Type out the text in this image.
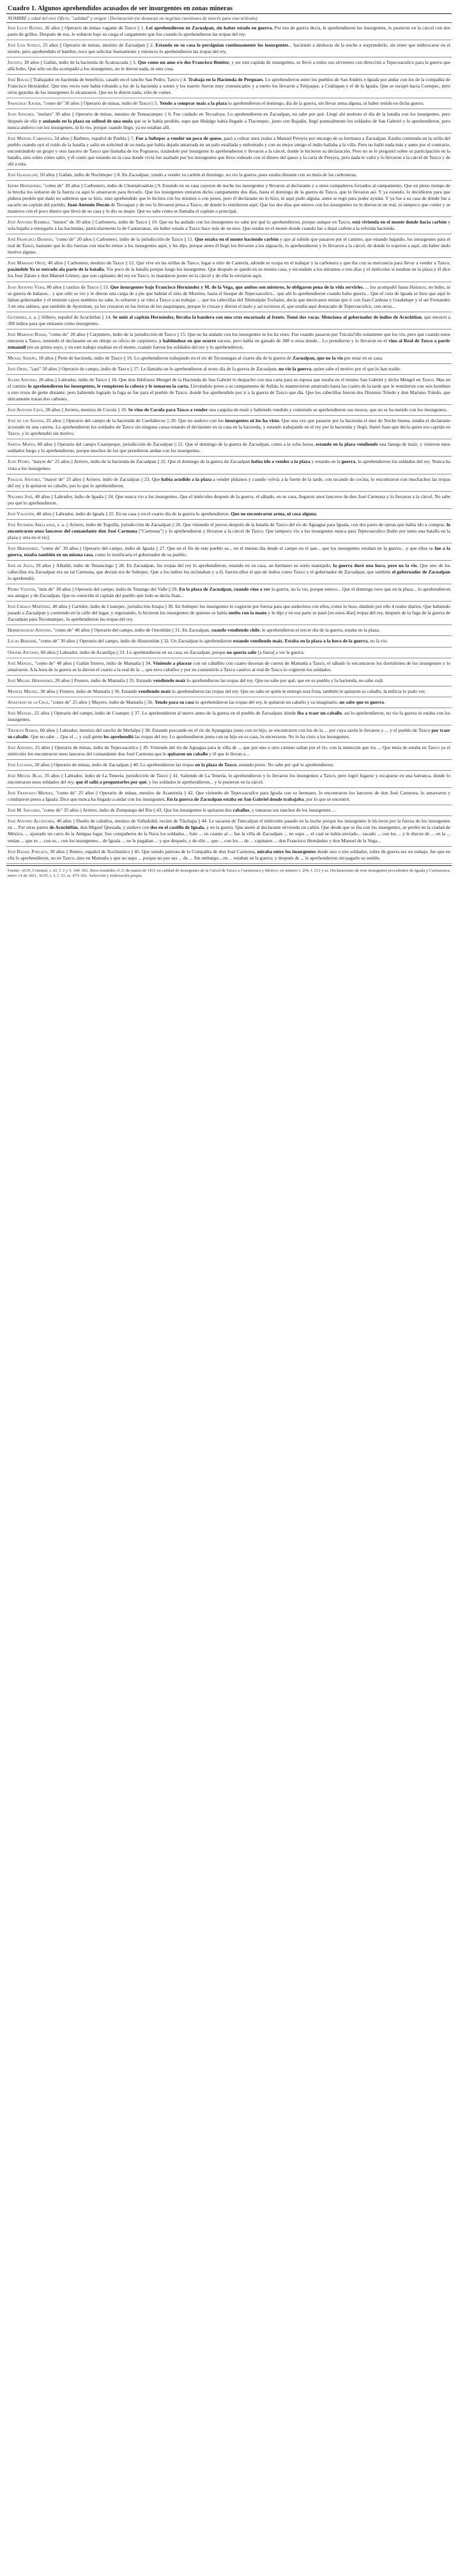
Cuadro 1. Algunos aprehendidos acusados de ser insurgentes en zonas mineras
NOMBRE y edad del reo| Oficio, "calidad" y origen | Declaración (se destacan en negritas cuestiones de interés para este artículo)
José Lucio Rufino, 26 años || Operario de minas vagante de Taxco || 1. Leí aprehendieron en Zacualpan, sin haber estado en guerra. Por eso de guerra decía, le aprehendieron los insurgentes, lo pusieron en la cárcel con dos pares de grillos. Después de eso, le soltaron bajo su carga el cargamento que fue cuando lo aprehendieron las tropas del rey.
José Luis Sotelo, 25 años || Operario de minas, mestizo de Zacualpan || 2. Estando en su casa lo persiguian continuamente los insurgentes... haciendo a deshoras de la noche a sorprenderlo, sin tener que embrocarse en el monte, pero aprehendido el hambre, tuvo que solicitar buenamente y entonces lo aprehendieron las tropas del rey.
Jacinto, 30 años || Gañán, indio de la hacienda de Acatzacoala || 3. Que como un amo e/o dos Francisco Benítez, y ser este capitán de insurgentes, se llevó a todos sus sirvientes con dirección a Tepecoacuilco para la guerra que allá hubo. Que sólo un día acompañó a los insurgentes, no le dieron nada, ni otra cosa.
José Bausa || Trabajador en hacienda de beneficio, casado en el rancho San Pedro, Taxco || 4. Trabaja en la Hacienda de Perguaes. Lo aprehendieron entre los pueblos de San Andrés e Iguala por andar con los de la compañía de Francisco Hernández. Que tres veces este había robando a los de la hacienda a sotner y los tuarrio fueron muy comunicados y a tuerto los llevaron a Tetipaque, a Coátlapan y el de la Iguala. Que se escapó hacia Coetepec, pero otros guardas de los insurgentes lo alcanzaron. Que no le dieron nada, sólo de comer.
Francisco Xavier, "como de" 30 años || Operario de minas, indio de Taxco || 5. Yendo a comprar maíz a la plaza lo aprehendieron el domingo, día de la guerra, sin llevar arma alguna, ni haber tenido en dicha guerra.
Juan Sánchez, "mulato" 30 años || Operario de minas, mestizo de Tenuacatepec || 6. Fue cuidado en Tecualoya. Lo aprehendieron en Zacualpan, no sabe por qué. Llegó ahí molesto el día de la batalla con los insurgentes, pero después de ello y andando en la plaza en solitud de una mula que se le había perdido, supo que Hidalgo había llegado a Tlacotepec, junto con Bajadin, llegó puntualmente los soldados de San Gabriel y lo aprehendieron, pero nunca anduvo con los insurgentes, ni lo vio, porque cuando llegó, ya no estaban allí.
José Manuel Carranza, 34 años || Barbero, español de Puebla || 7. Fue a Sultepec a vender un poco de queso, pasó a cobrar unos reales a Manuel Pereyra por encargo de su hermano a Zacualpan. Estaba comiendo en la orilla del pueblo cuando oyó el ruido de la batalla y salió en solicitud de su mula que había dejado amarrada en un palo estallada y enfrentado y con su mejor amigo el indio hallaba a la villa. Pero no halló nada más y antes por el contrario, encontrándolo un grupo y otro lancero de Taxco que llamaba de los Poguasos, tratándolo por insurgente lo aprehendieron y llevaron a la cárcel, donde le hicieron su declaración. Pero no se le preguntó sobre su participación en la batalla, sino sobre cómo salió, y él contó que estando en la casa donde vivía fue asaltado por los insurgentes que llevo rodeado con el dinero del queso y la carta de Pereyra, pero nada le valió y lo llevaron a la cárcel de Taxco y de ahí a esta.
José Guadalupe, 50 años || Gañán, indio de Nochitepec || 8. En Zacualpan, yendo a vender su carbón el domingo, no vio la guerra, pues estaba distante con su mula de las carboneras.
Isidro Hernández, "como de" 30 años || Carbonero, indio de Chontalcoatlan || 9. Estando en su casa cayeron de noche los insurgentes y llevaron al declarante y a otros compañeros forzados al campamento. Que en pleno tiempo de la brecha los soltaron de la fuerza ca aquí lo amarraron para llevarlo. Que los insurgentes entraron dicho campamento dos días, hasta el domingo de la guerra de Taxco, que lo llevaron así. Y ya estando, lo decidieron para que pidiera perdón que dado no sabemos que se hizo, sino aprehendido que lo hiciera con los mismos o con pesos, pero él declarante no lo hizo, ni aquí pudo alguna, antes se regó para poder ayudar. Y ya fue a su casa de donde fue a sacarlo un capitán del partido, Juan Antonio Durán de Tecoapan y de eso lo llevaron presa a Taxco, de donde lo remitieron aquí. Que los dos días que estuvo con los insurgentes no le dieron ni un real, ni tampoco que comer y se mantuvo con el poco dinero que llevó de su casa y le dio su mujer. Que no sabe cómo se llamaba el capitán o principal.
José Antonio Ramírez, "menos" de 30 años || Carbonero, indio de Taxco || 10. Que no ha andado con los insurgentes no sabe por qué lo aprehendieron, porque aunque en Taxco, está vivienda en el monte donde hacía carbón y sola bajaba a entregarlo a las haciendas, particularmente la de Cantarranas, sin haber estado a Taxco hace más de un mes. Que estaba en el monte donde cuando fue a dejar carbón a la referida hacienda.
José Francisco Dionisio, "como de" 20 años || Carbonero, indio de la jurisdicción de Taxco || 11. Que estaba en el monte haciendo carbón y que al subido que pasaron por el camino, que estando bajando, los insurgentes para el real de Taxco, bastante que le dio fuerzas con mucho temor a los insurgentes aquí, y les dijo, porque antes él llegó los llevaron a los alguacils, lo aprehendieron y lo llevaron a la cárcel, de donde lo trajeron a aquí, sin haber dado motivo alguno.
José Mariano Ortiz, 46 años || Carbonero, mestizo de Taxco || 12. Que vive en las orillas de Taxco, lugar o sitio de Cantería, adonde se ocupa en el trabajar y la carbonera y que iba con su mercancía para llevar a vender a Taxco, pasándole Ya es entrado ala parte de la batalla. Vio poco de la batalla porque luego los insurgentes. Que después se quedó en su misma casa, y escondido a los miramos o tres días y el miércoles sí estaban en la plaza y él dice los José Zárate y don Manuel Gómez, que son capitanes del rey en Taxco, lo mandaron poner en la cárcel y de ella lo enviaron aquí.
Juan Antonio Vera, 80 años || castizo de Taxco || 13. Que insurgentes bajo Francisco Hernández y M. de la Vega, que ambos son misteros, lo obligaron pena de la vida servirles. ... los acompañó hasta Huizuco, no hubo, ni su guerra de balazos... y que sólo se vio y le dieron una carga de a pie que habían el sitio de Morelos, hasta el bosque de Tepecoacuilco... que ahí lo aprehendieron cuando hubo guerra... Que el cura de Iguala se hizo que aquí le daban gobernador y el teniente cayos nombres no sabe, lo soltaron y se vino a Taxco a su trabajar ... que los cabecillas del Xhimalpán Tochaiez, decía que mexicanos tenían que ir con Juan Cardona y Guadalupe y el ser Fernandez 3 en otra sabiera, que también de Ayotzinan, ya los cruzaron en las tierras de los paquinques, porque lo cruzan y dieron el malo y así tuvieron el, que estaba aquí destacado de Tepecoacuilco, con otros...
Gutiérrez, s. a. || Silbero, español de Acuchitlan || 14. Se unió al capitán Hernández, llevaba la bandera con una cruz encarnada al frente. Tomó dos vacas. Menciona al gobernador de indios de Acuchitlan, que encerró a 300 indios para que entrasen como insurgentes.
José Mariano Rosas, "como de" 20 años || Carpintero, indio de la jurisdicción de Taxco || 15. Que no ha andado con los insurgentes ni los ha visto. Fue cuando pasaron por Tzicala?illo solamente que los vio, pero que cuando estos entraron a Taxco, teniendo el declarante en un obraje su oficio de carpintero, y habiéndose en que ocurre suceso, pero había un ganado de 300 u otras donde... Lo prendieron y lo llevaron en el vino al Real de Taxco a partir temannil (en un primo suyo, y en este trabajo estaban en el monte, cuando fueron los soldados del rey y lo aprehendieron.
Miguel Sedeño, 18 años || Peón de hacienda, indio de Taxco || 16. Lo aprehendieron trabajando en el río de Tecusungan al cuarto día de la guerra de Zacualpan, que no la vio por estar en su casa.
José Ortiz, "casi" 50 años || Operario de campo, indio de Taxco || 17. Le llamaba un lo aprehendieron al sexto día de la guerra de Zacualpan, no vio la guerra, quien sabe el motivo por el que lo han traído.
Julián Antonio, 26 años || Labrador, indio de Taxco || 18. Que don Ildefonso Mengel de la Hacienda de San Gabriel lo despachó con una carta para su esposa que estaba en el mismo San Gabriel y dicho Mengel en Taxco. Mas en el camino lo aprehendieron los insurgentes, le rompieron la cabeza y le tomaron la carta. Llevándolo preso a su campamento de Atilán, lo mantuvieron amarrado hasta las cuatro de la tarde que le remitieron con seis hombres a otro trozo de gente distante; pero habiendo logrado la fuga se fue para el pueblo de Taxco, donde fue aprehendido por ir a la guerra de Taxco que día. Que los cabecillas fueron dos Dionisio Toledo y don Mariano Toledo, que únicamente traían dos cañones.
José Antonio Cruz, 28 años || Arriero, mestizo de Cocula || 19. Se vino de Cocula para Taxco a vender una carguita de maíz y habiendo vendido y comiendo se aprehendieron sus mozos, que no se ha metido con los insurgentes.
José de los Santos, 25 años || Operario del campo de la hacienda de Cuetlaltecoc || 20. Que no anduvo con los insurgentes ni los ha visto. Que una vez que pasaron por la hacienda el mes de Noche buena, estaba el declarante acostado en una carreta. Lo aprehendieron los soldados de Taxco sin ninguna causa estando el declarante en la casa en la hacienda, y estando trabajando en el rey por la hacienda y llegó, llamó Juan que decía quien era capitán en Taxco, y lo aprehendió sin motivo.
Santos Mateo, 60 años || Operario del campo Cuatepeque, jurisdicción de Zacualpan || 21. Que el domingo de la guerra de Zacualpan, como a la ocho horas, estando en la plaza vendiendo una fanega de maíz, y vinieron unos soldados luego y lo aprehendieron, porque muchos de los que prendieron andan con los insurgentes.
Juan Pedro, "mayor de" 25 años || Arriero, indio de la hacienda de Zacualpan || 22. Que el domingo de la guerra de Zacualpan había ido a vender a la plaza y estando en la guerra, lo aprehendieron los soldados del rey. Nunca ha vista a los insurgentes.
Pascual Sánchez, "mayor de" 25 años || Arriero, indio de Zacualpan || 23. Que había acudido a la plaza a vender plátanos y cuando volvía a la fuerte de la tarde, con tocando de cocina, lo encontraron con muchachos las tropas del rey y le quitaron su caballo, por lo que lo aprehendieron.
Nazario José, 40 años || Labrador, indio de Iguala || 24. Que nunca vio a los insurgentes. Que el miércoles después de la guerra, el sábado, en su casa, llegaron unos lanceros de don José Carmona y lo llevaron a la cárcel. No sabe por qué lo aprehendieron.
José Valentín, 40 años || Labrador, indio de Iguala || 25. En su casa y en el cuarto día de la guerra lo aprehendieron. Que no encontraron arma, ni cosa alguna.
José Severino Arellanos, s. a. || Arriero, indio de Teguilla, jurisdicción de Zacualpan || 26. Que viniendo el jueves después de la batalla de Taxco del río de Aguagua para Iguala, con dos pares de ojeras que había ido a comprar, lo encontraron unos lanceros del comandante don José Carmona ["Carmona"] y lo aprehendieron y llevaron a la cárcel de Taxco. Que tampoco vio a los insurgentes nunca para Tepecoacuilco [hubo por tanto una batalla en la plaza y otra en el río].
José Hernández, "como de" 30 años || Operario del campo, indio de Iguala || 27. Que en el fin de este pueblo se... en el mismo día desde el campo en el que... que los insurgentes estaban en la guerra... y que ellos se fue a la guerra, estaba también en un misma casa, como lo testificaría el gobernador de su pueblo.
José de Jesús, 29 años || Albañil, indio de Tenancingo || 28. En Zacualpan, Jas tropas del rey lo aprehendieron, estando en su casa, un hermano su suelo manejado, la guerra duró una hora, pero no la vio. Que uno de los cabecillas era Zacualpan era un tal Carmona, que decían era de Sultepec. Que a los indios los reclutaban y a él, fueron ellos el que de indios como Taxco y el gobernador de Zacualpan; que también el gobernador de Zacualpan lo aprehendió.
Pedro Vicente, "más de" 30 años || Operario del campo, indio de Tenango del Valle || 29. En la plaza de Zacualpan, cuando vino a ver la guerra, no la vio, porque estuvo... Que el domingo tuvo que en la plaza... lo aprehendieron sus amigos y de Zacualpan. Que es conocido el capitán del pueblo que todo se decía Juan...
José Ciriaco Martínez, 40 años || Cartidor, indio de Coatepec, jurisdicción Ixtapa || 30. En Sultepec los insurgentes lo cogieron por fuerza para que anduviera con ellos, como lo hizo, dándole por ello 4 reales diarios. Que habiendo pasado a Zacualpan y comiendo en la calle del lugar, y regresando, lo hicieron los insurgentes de quienes se había suelto con la mano y le dijo y en esa parte se pasó [en estos días] tropas del rey, después de la fuga de la guerra de Zacualpan para Tecomatepec, lo aprehendieron las tropas del rey.
Hermenegildo Antonio, "como de" 40 años || Operario del campo, indio de Ostotitlán || 31. En Zacualpan, cuando vendiendo chile, lo aprehendieron el tercer día de la guerra, estaba en la plaza.
Lucas Bernabé, "como de" 30 años || Operario del campo, indio de Ahuisotitán || 32. Un Zacualpan lo aprehendieron estando vendiendo maíz. Estaba en la plaza a la hora de la guerra, no la vio.
Onofre Antonio, 60 años || Labrador, indio de Acamilpa || 33. Lo aprehendieron en su casa, en Zacualpan, porque no quería salir [a fuera] a ver la guerra.
José Manuel, "como de" 40 años || Gañán frutero, indio de Mamatla || 34. Viniendo a placear con un caballito con cuatro docenas de cueros de Mamatla a Taxco, el sábado lo encontraron los dormilones de los insurgentes y lo amarraron. A la hora de la guerra se la dieron el cuarto a la real de la ... que tuvo caballos y por no consentirlo a Taxco cautivo al real de Taxco lo cogieron los soldados.
José Miguel Hernández, 20 años || Frutero, indio de Mamatla || 35. Estando vendiendo maíz lo aprehendieron las tropas del rey. Que no sabe por qué, que en su pueblo y la hacienda, no sabe cuál.
Manuel Miguel, 30 años || Frutero, indio de Mamatla || 36. Estando vendiendo maíz lo aprehendieron las tropas del rey. Que no sabe ni quién le entregó esta fruta, también le quitaron su caballo, la milicia lo pudo ver.
Anastasio de la Cruz, "como de" 25 años || Mayero, indio de Mamatla || 36. Yendo para su casa lo aprehendieron las tropas del rey, le quitaron un caballo y su imaginario, no sabe que es guerra.
José Manuel, 25 años || Operario del campo, indio de Coatepec || 37. Lo aprehendieron al nuevo antes de la guerra en el pueblo de Zacualpan, donde iba a traer un caballo, así lo aprehendieron, no vio la guerra ni estaba con los insurgentes.
Tiburcio Ramos, 60 años || Labrador, mestizo del rancho de Metlalpa || 38. Estando pescando en el río de Apanguipa junto con su hijo, se encontraron con los de la ... por cuya razón le llevaron y ... y el pueblo de Taxco por traer su caballo. Que no sabe ... Que el ... y cuál gente les aprehendió las tropas del rey. Lo aprehendieron junto con su hijo en su casa, lo encerraron. No lo ha visto a los insurgentes.
José Antonio, 25 años || Operario de minas, indio de Tepecoacuilco || 39. Viniendo del río de Aguagua para la villa de ... que por uno u otro camino salían por el río, con la intención que los ... Que tenía de estaba en Taxco ya el miércoles los encontraron unos lanceros del comandante don José Carmona que le quitaron un caballo y él que le llevan a ...
José Luciano, 20 años || Operario de minas, indio de Zacualpan || 40. Lo aprehendieron las tropas en la plaza de Taxco, estando preso. No sabe por qué lo aprehendieron.
José Miguel Blas, 35 años || Labrador, indio de La Tenería, jurisdicción de Taxco || 41. Saliendo de La Tenería, lo aprehendieron y lo llevaron los insurgentes a Taxco, pero logró fugarse y escaparse en una barranca, donde lo encontraron unos soldados del rey, que él salió a preguntarles por qué, y los soldados le aprehendieron... y le pusieron en la cárcel.
José Francisco Mendes, "como de" 25 años || Operario de minas, mestizo de Acamixtla || 42. Que viniendo de Tepecoacuilco para Iguala con su hermano, lo encontraron los lanceros de don José Carmona, lo amarraron y condujeron preso a Iguala. Dice que nunca ha llegado a andar con los insurgentes, En la guerra de Zacualpan estaba en San Gabriel donde trabajaba, por lo que se encontró.
José M. Salgado, "como de" 35 años || Arriero, indio de Zumpango del Río || 43. Que los insurgentes le quitaron dos caballos, y tomaron sus ranchos de los insurgentes ...
José Antonio Alcántara, 40 años || Dueño de caballos, mestizo de Valladolid, vecino de Tlachapa || 44. Le sacaron de Tetecalpan el miércoles pasado en la noche porque los insurgentes le hicieron por la fuerza de los insurgentes en ... Por otras partes de Acuchitlán, don Miguel Quezada, y anduvo con dos en el castillo de Iguala, y en la guerra. Que anotó al declarante sirviendo un cañón. Que desde que se iba con los insurgentes, se perdió en la ciudad de México, ... ajustado un carro de la Antigua lugar. Sus compañeros de la Nava los soldados... Sale ... en cuanto al ... fue la villa de Zacualpan ... no supo ... el cual se había enviado... sacado ... con los ... y le dieron de ... en la ... tenían ... que se ... con su... con los insurgentes... de Iguala ... no le pagaban ... y que después, y de ello ... que ... con los ... de ... capitanes ... don Francisco Hernández y don Manuel de la Vega...
José Rafael Porcayo, 30 años || Botero, español de Xochimilco || 45. Que siendo patriota de la Compañía de don José Carmona, miraba entre los insurgentes desde uno o tres soldados, sobre de guerra era un trabajo, fue que en ella lo aprehendieron, no en Taxco, sino en Mamatla y que no supo ... porque no por sus ... de ... Sin embargo... en ... estaban en la guerra; y después de ... le aprehendieron sin pagarle su sueldo.
Fuente: AGN, Criminal, t. 43, f. 2 y 5. 344–362. Reos remitidos el 21 de marzo de 1811 en calidad de insurgentes de la Cárcel de Taxco a Cuernavaca y México, en número t. 294. f. 212 y ss. Declaraciones de reos insurgentes procedentes de Iguala y Cuernavaca; enero 14 de 1811, AGN, t. 3, f. 33, ss. 475–561. Selección y elaboración propia.
